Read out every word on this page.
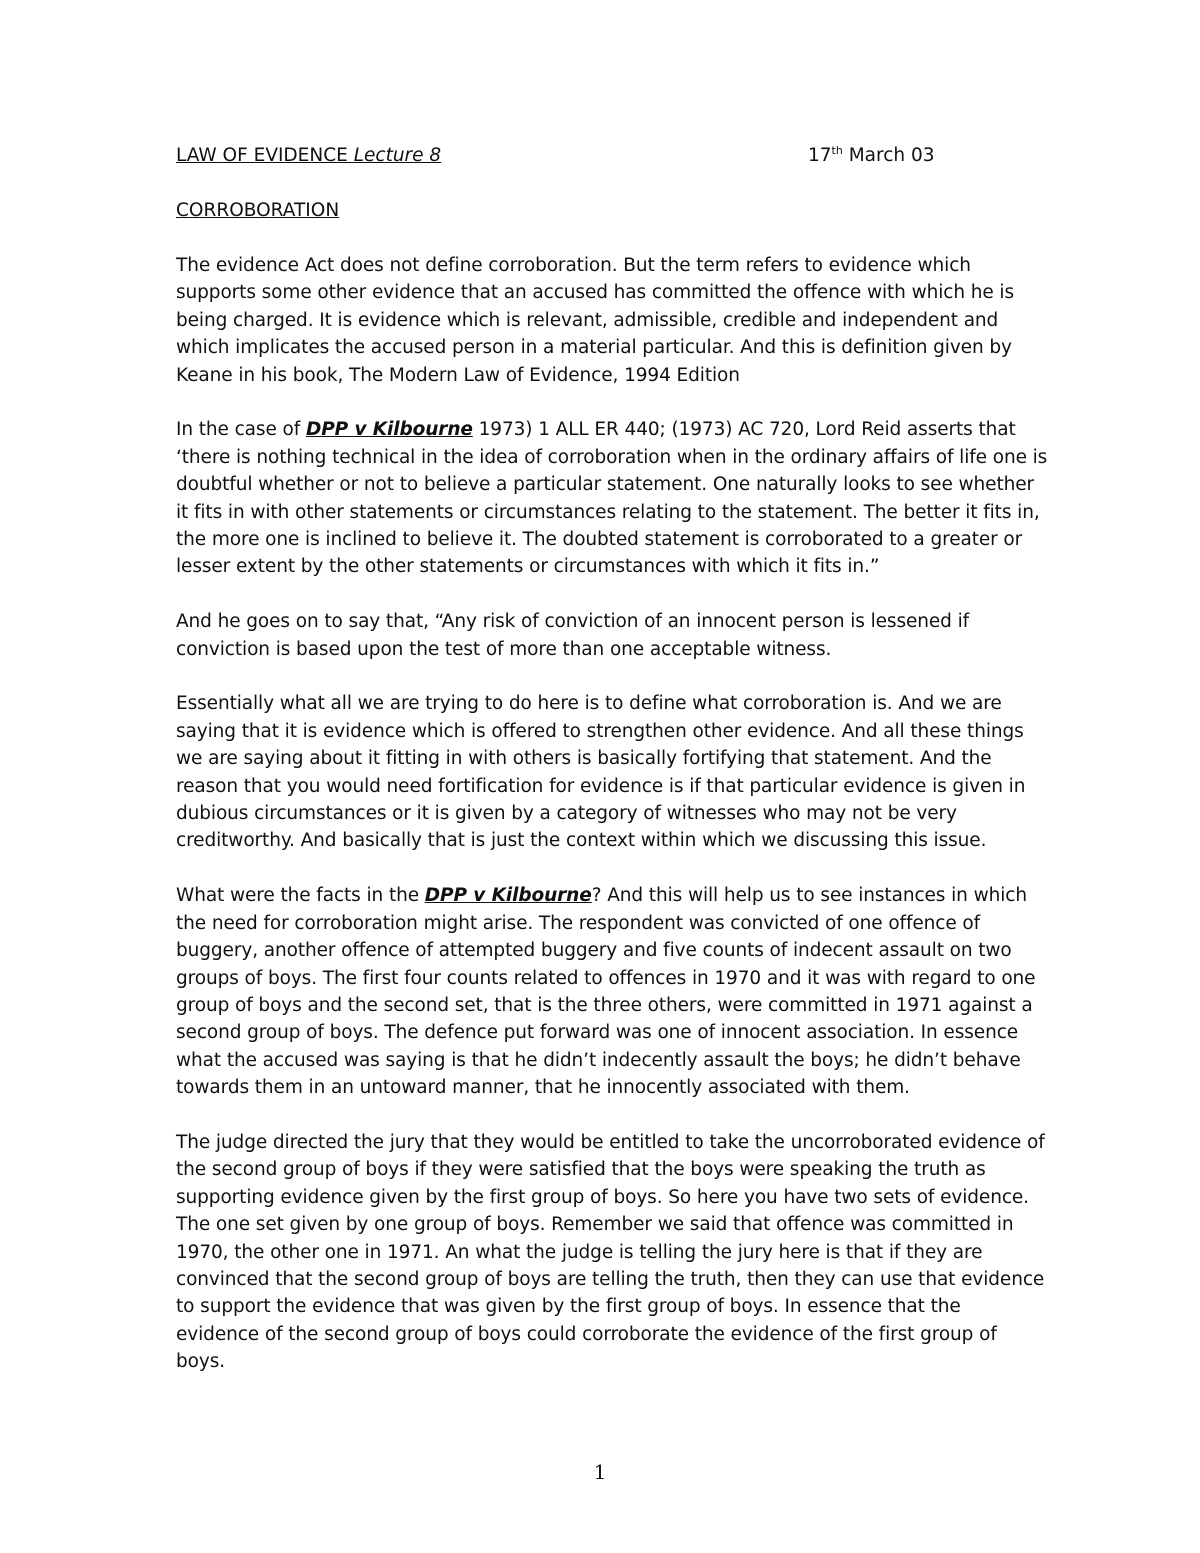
LAW OF EVIDENCE Lecture 8	17th March 03
CORROBORATION

The evidence Act does not define corroboration. But the term refers to evidence which supports some other evidence that an accused has committed the offence with which he is being charged. It is evidence which is relevant, admissible, credible and independent and which implicates the accused person in a material particular. And this is definition given by Keane in his book, The Modern Law of Evidence, 1994 Edition

In the case of DPP v Kilbourne 1973) 1 ALL ER 440; (1973) AC 720, Lord Reid asserts that ‘there is nothing technical in the idea of corroboration when in the ordinary affairs of life one is doubtful whether or not to believe a particular statement. One naturally looks to see whether it fits in with other statements or circumstances relating to the statement. The better it fits in, the more one is inclined to believe it. The doubted statement is corroborated to a greater or lesser extent by the other statements or circumstances with which it fits in.”

And he goes on to say that, “Any risk of conviction of an innocent person is lessened if conviction is based upon the test of more than one acceptable witness.

Essentially what all we are trying to do here is to define what corroboration is. And we are saying that it is evidence which is offered to strengthen other evidence. And all these things we are saying about it fitting in with others is basically fortifying that statement. And the reason that you would need fortification for evidence is if that particular evidence is given in dubious circumstances or it is given by a category of witnesses who may not be very creditworthy. And basically that is just the context within which we discussing this issue.

What were the facts in the DPP v Kilbourne? And this will help us to see instances in which the need for corroboration might arise. The respondent was convicted of one offence of buggery, another offence of attempted buggery and five counts of indecent assault on two groups of boys. The first four counts related to offences in 1970 and it was with regard to one group of boys and the second set, that is the three others, were committed in 1971 against a second group of boys. The defence put forward was one of innocent association. In essence what the accused was saying is that he didn’t indecently assault the boys; he didn’t behave towards them in an untoward manner, that he innocently associated with them.

The judge directed the jury that they would be entitled to take the uncorroborated evidence of the second group of boys if they were satisfied that the boys were speaking the truth as supporting evidence given by the first group of boys. So here you have two sets of evidence. The one set given by one group of boys. Remember we said that offence was committed in 1970, the other one in 1971. An what the judge is telling the jury here is that if they are convinced that the second group of boys are telling the truth, then they can use that evidence to support the evidence that was given by the first group of boys. In essence that the evidence of the second group of boys could corroborate the evidence of the first group of boys.

1
